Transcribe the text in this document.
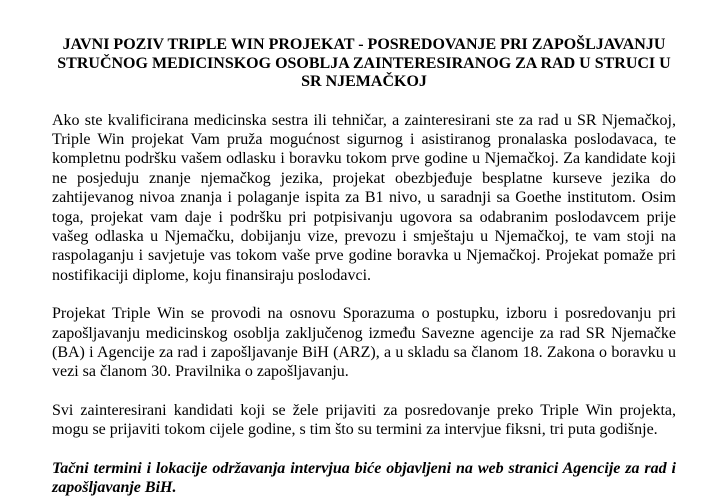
JAVNI POZIV TRIPLE WIN PROJEKAT - POSREDOVANJE PRI ZAPOŠLJAVANJU STRUČNOG MEDICINSKOG OSOBLJA ZAINTERESIRANOG ZA RAD U STRUCI U SR NJEMAČKOJ

Ako ste kvalificirana medicinska sestra ili tehničar, a zainteresirani ste za rad u SR Njemačkoj, Triple Win projekat Vam pruža mogućnost sigurnog i asistiranog pronalaska poslodavaca, te kompletnu podršku vašem odlasku i boravku tokom prve godine u Njemačkoj. Za kandidate koji ne posjeduju znanje njemačkog jezika, projekat obezbjeđuje besplatne kurseve jezika do zahtijevanog nivoa znanja i polaganje ispita za B1 nivo, u saradnji sa Goethe institutom. Osim toga, projekat vam daje i podršku pri potpisivanju ugovora sa odabranim poslodavcem prije vašeg odlaska u Njemačku, dobijanju vize, prevozu i smještaju u Njemačkoj, te vam stoji na raspolaganju i savjetuje vas tokom vaše prve godine boravka u Njemačkoj. Projekat pomaže pri nostifikaciji diplome, koju finansiraju poslodavci.

Projekat Triple Win se provodi na osnovu Sporazuma o postupku, izboru i posredovanju pri zapošljavanju medicinskog osoblja zaključenog između Savezne agencije za rad SR Njemačke (BA) i Agencije za rad i zapošljavanje BiH (ARZ), a u skladu sa članom 18. Zakona o boravku u vezi sa članom 30. Pravilnika o zapošljavanju.

Svi zainteresirani kandidati koji se žele prijaviti za posredovanje preko Triple Win projekta, mogu se prijaviti tokom cijele godine, s tim što su termini za intervjue fiksni, tri puta godišnje.

Tačni termini i lokacije održavanja intervjua biće objavljeni na web stranici Agencije za rad i zapošljavanje BiH.
